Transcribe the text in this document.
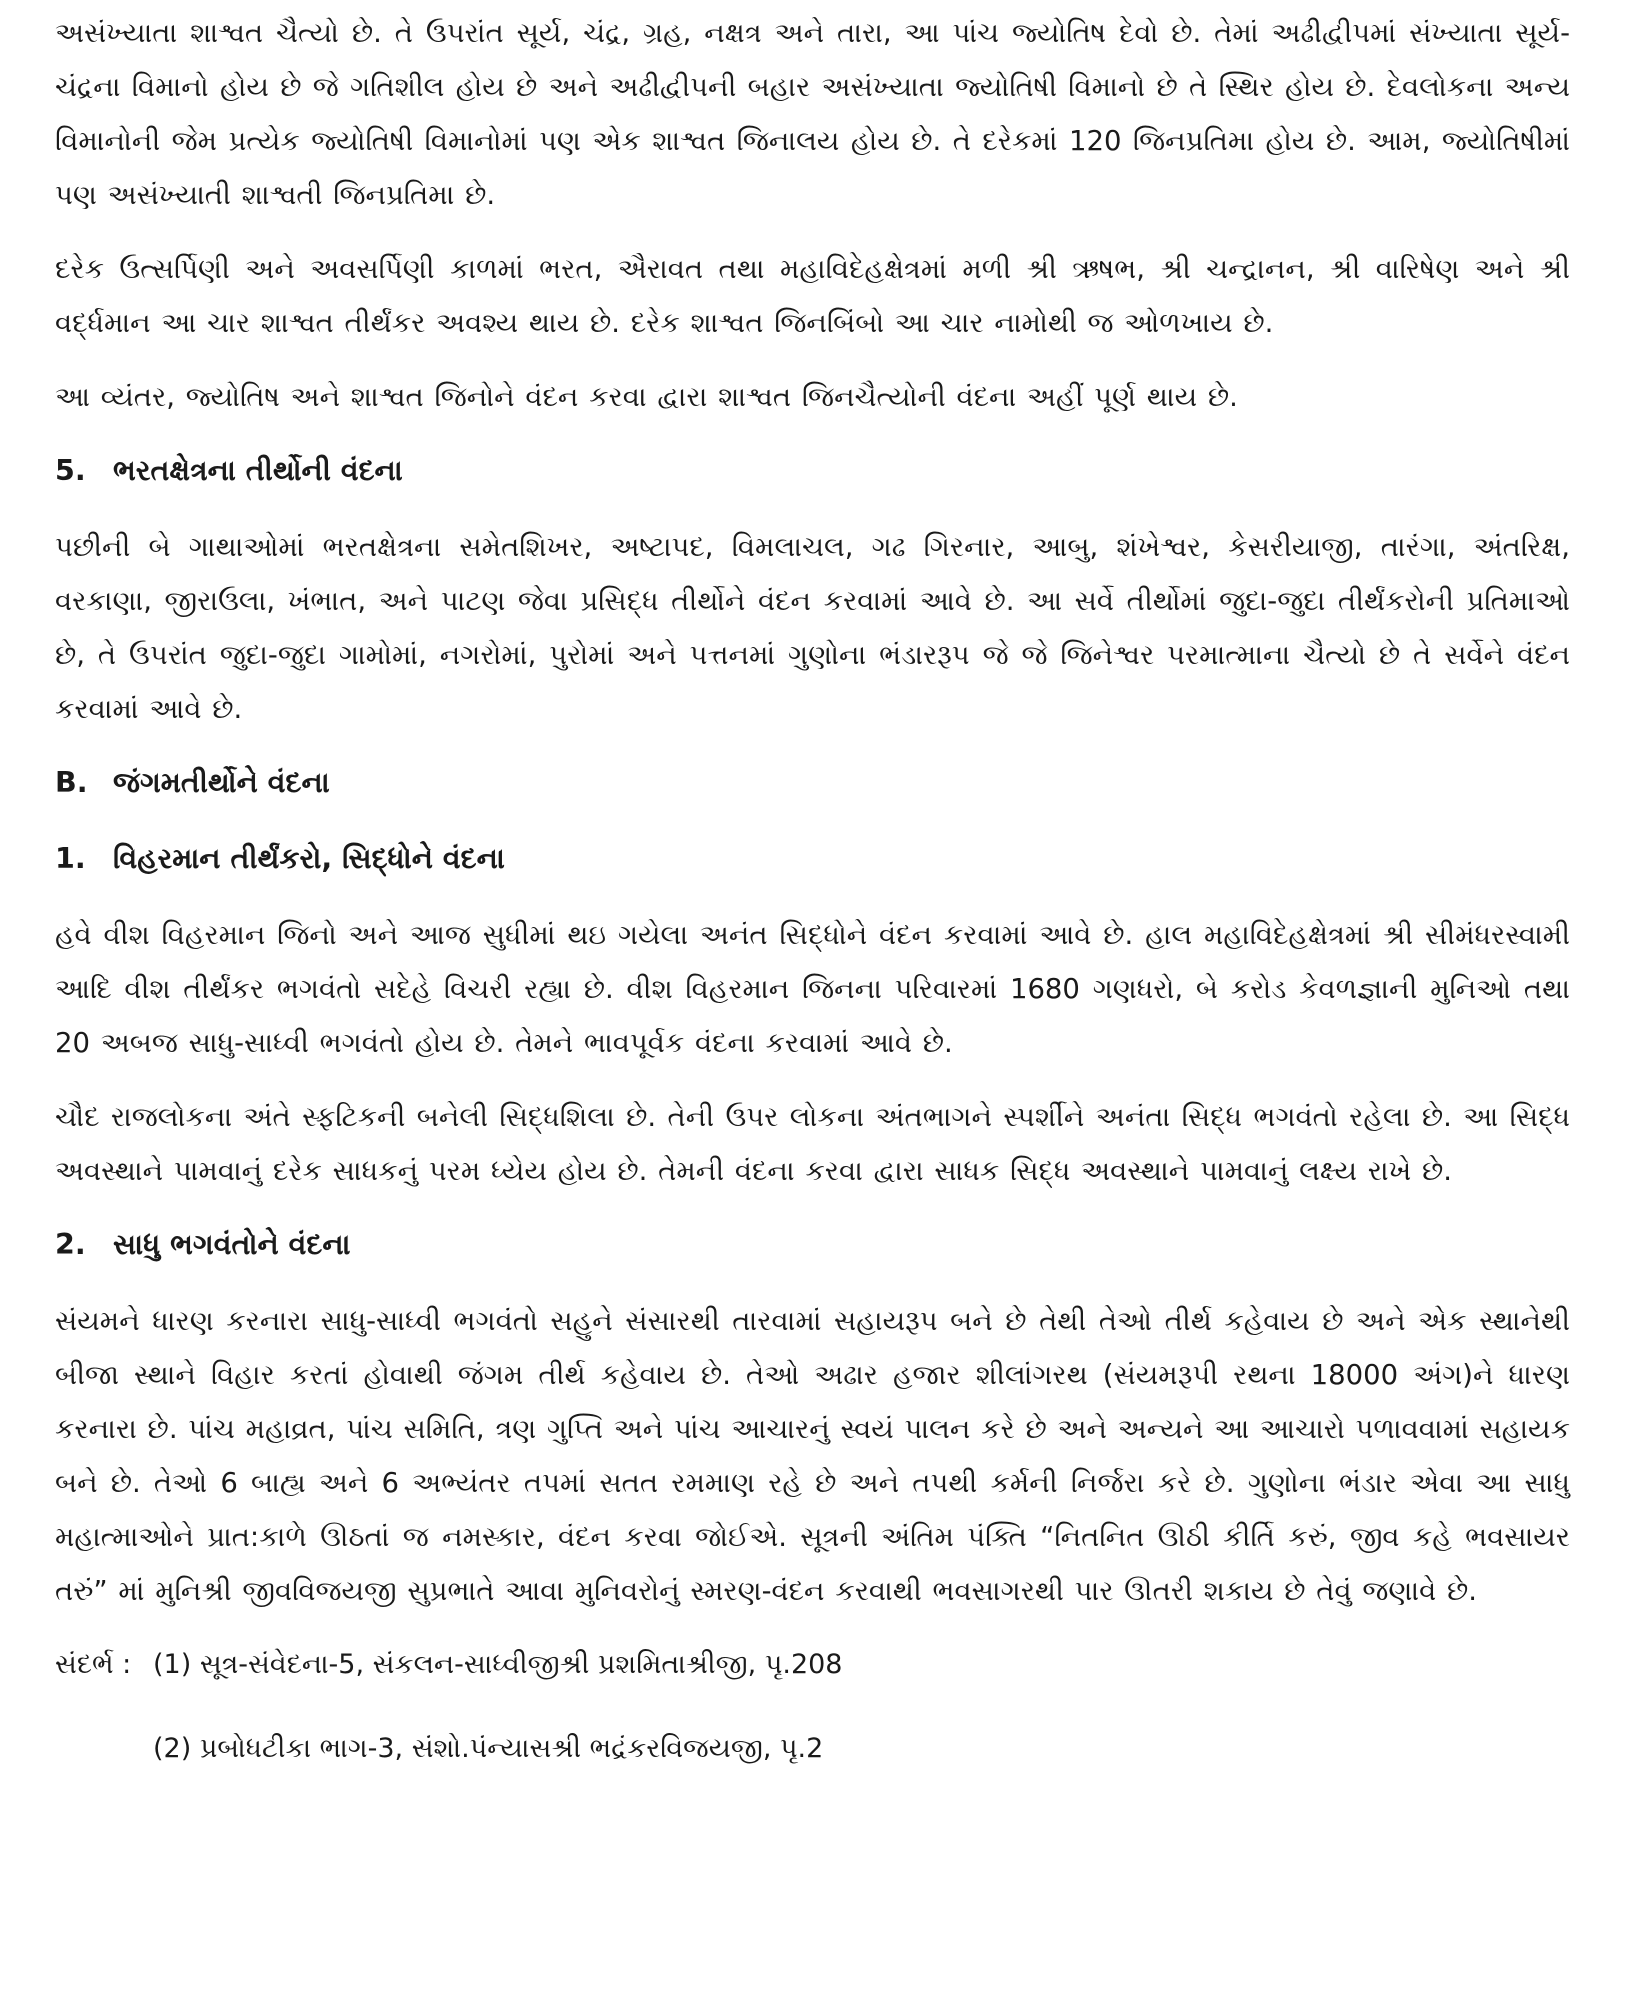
અસંખ્યાતા શાશ્વત ચૈત્યો છે. તે ઉપરાંત સૂર્ય, ચંદ્ર, ગ્રહ, નક્ષત્ર અને તારા, આ પાંચ જ્યોતિષ દેવો છે. તેમાં અઢીદ્વીપમાં સંખ્યાતા સૂર્ય-ચંદ્રના વિમાનો હોય છે જે ગતિશીલ હોય છે અને અઢીદ્વીપની બહાર અસંખ્યાતા જ્યોતિષી વિમાનો છે તે સ્થિર હોય છે. દેવલોકના અન્ય વિમાનોની જેમ પ્રત્યેક જ્યોતિષી વિમાનોમાં પણ એક શાશ્વત જિનાલય હોય છે. તે દરેકમાં 120 જિનપ્રતિમા હોય છે. આમ, જ્યોતિષીમાં પણ અસંખ્યાતી શાશ્વતી જિનપ્રતિમા છે.

દરેક ઉત્સર્પિણી અને અવસર્પિણી કાળમાં ભરત, ઐરાવત તથા મહાવિદેહક્ષેત્રમાં મળી શ્રી ઋષભ, શ્રી ચન્દ્રાનન, શ્રી વારિષેણ અને શ્રી વર્દ્ધમાન આ ચાર શાશ્વત તીર્થંકર અવશ્ય થાય છે. દરેક શાશ્વત જિનબિંબો આ ચાર નામોથી જ ઓળખાય છે.

આ વ્યંતર, જ્યોતિષ અને શાશ્વત જિનોને વંદન કરવા દ્વારા શાશ્વત જિનચૈત્યોની વંદના અહીં પૂર્ણ થાય છે.

5. ભરતક્ષેત્રના તીર્થોની વંદના

પછીની બે ગાથાઓમાં ભરતક્ષેત્રના સમેતશિખર, અષ્ટાપદ, વિમલાચલ, ગઢ ગિરનાર, આબુ, શંખેશ્વર, કેસરીયાજી, તારંગા, અંતરિક્ષ, વરકાણા, જીરાઉલા, ખંભાત, અને પાટણ જેવા પ્રસિદ્ધ તીર્થોને વંદન કરવામાં આવે છે. આ સર્વે તીર્થોમાં જુદા-જુદા તીર્થંકરોની પ્રતિમાઓ છે, તે ઉપરાંત જુદા-જુદા ગામોમાં, નગરોમાં, પુરોમાં અને પત્તનમાં ગુણોના ભંડારરૂપ જે જે જિનેશ્વર પરમાત્માના ચૈત્યો છે તે સર્વેને વંદન કરવામાં આવે છે.

B. જંગમતીર્થોને વંદના
1. વિહરમાન તીર્થંકરો, સિદ્ધોને વંદના

હવે વીશ વિહરમાન જિનો અને આજ સુધીમાં થઇ ગયેલા અનંત સિદ્ધોને વંદન કરવામાં આવે છે. હાલ મહાવિદેહક્ષેત્રમાં શ્રી સીમંધરસ્વામી આદિ વીશ તીર્થંકર ભગવંતો સદેહે વિચરી રહ્યા છે. વીશ વિહરમાન જિનના પરિવારમાં 1680 ગણધરો, બે કરોડ કેવળજ્ઞાની મુનિઓ તથા 20 અબજ સાધુ-સાધ્વી ભગવંતો હોય છે. તેમને ભાવપૂર્વક વંદના કરવામાં આવે છે.

ચૌદ રાજલોકના અંતે સ્ફટિકની બનેલી સિદ્ધશિલા છે. તેની ઉપર લોકના અંતભાગને સ્પર્શીને અનંતા સિદ્ધ ભગવંતો રહેલા છે. આ સિદ્ધ અવસ્થાને પામવાનું દરેક સાધકનું પરમ ધ્યેય હોય છે. તેમની વંદના કરવા દ્વારા સાધક સિદ્ધ અવસ્થાને પામવાનું લક્ષ્ય રાખે છે.

2. સાધુ ભગવંતોને વંદના

સંયમને ધારણ કરનારા સાધુ-સાધ્વી ભગવંતો સહુને સંસારથી તારવામાં સહાયરૂપ બને છે તેથી તેઓ તીર્થ કહેવાય છે અને એક સ્થાનેથી બીજા સ્થાને વિહાર કરતાં હોવાથી જંગમ તીર્થ કહેવાય છે. તેઓ અઢાર હજાર શીલાંગરથ (સંયમરૂપી રથના 18000 અંગ)ને ધારણ કરનારા છે. પાંચ મહાવ્રત, પાંચ સમિતિ, ત્રણ ગુપ્તિ અને પાંચ આચારનું સ્વયં પાલન કરે છે અને અન્યને આ આચારો પળાવવામાં સહાયક બને છે. તેઓ 6 બાહ્ય અને 6 અભ્યંતર તપમાં સતત રમમાણ રહે છે અને તપથી કર્મની નિર્જરા કરે છે. ગુણોના ભંડાર એવા આ સાધુ મહાત્માઓને પ્રાત:કાળે ઊઠતાં જ નમસ્કાર, વંદન કરવા જોઈએ. સૂત્રની અંતિમ પંક્તિ “નિતનિત ઊઠી કીર્તિ કરું, જીવ કહે ભવસાયર તરું” માં મુનિશ્રી જીવવિજયજી સુપ્રભાતે આવા મુનિવરોનું સ્મરણ-વંદન કરવાથી ભવસાગરથી પાર ઊતરી શકાય છે તેવું જણાવે છે.

સંદર્ભ : (1) સૂત્ર-સંવેદના-5, સંકલન-સાધ્વીજીશ્રી પ્રશમિતાશ્રીજી, પૃ.208
(2) પ્રબોધટીકા ભાગ-3, સંશો.પંન્યાસશ્રી ભદ્રંકરવિજયજી, પૃ.2
